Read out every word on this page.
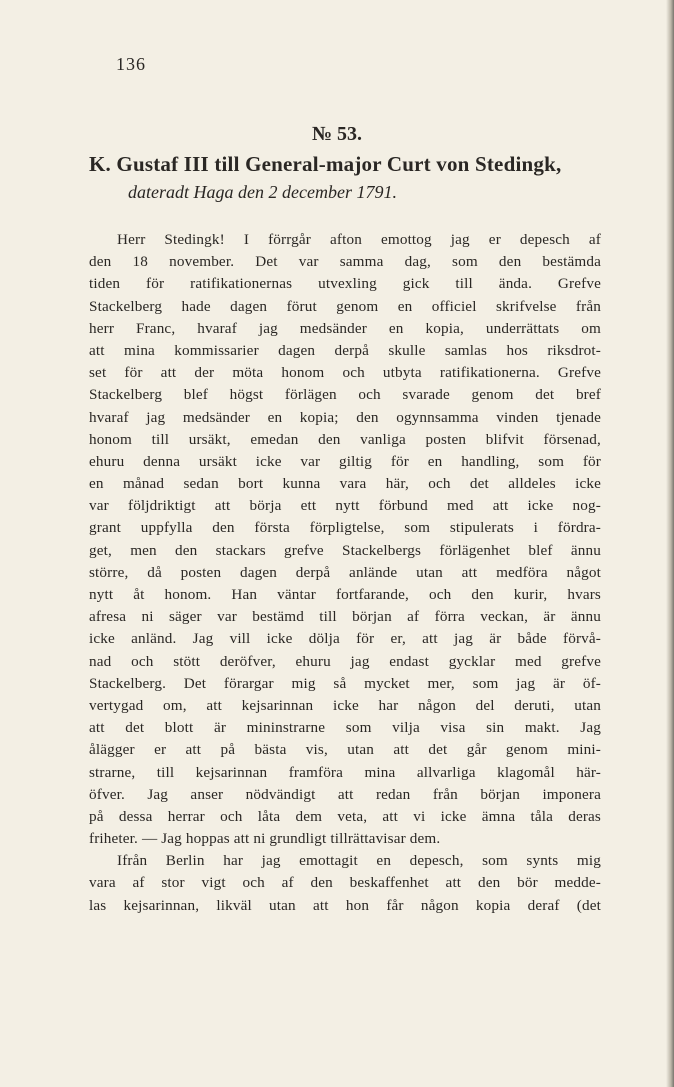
136
№ 53.
K. Gustaf III till General-major Curt von Stedingk,
dateradt Haga den 2 december 1791.
Herr Stedingk! I förrgår afton emottog jag er depesch af
den 18 november. Det var samma dag, som den bestämda
tiden för ratifikationernas utvexling gick till ända. Grefve
Stackelberg hade dagen förut genom en officiel skrifvelse från
herr Franc, hvaraf jag medsänder en kopia, underrättats om
att mina kommissarier dagen derpå skulle samlas hos riksdrot-
set för att der möta honom och utbyta ratifikationerna. Grefve
Stackelberg blef högst förlägen och svarade genom det bref
hvaraf jag medsänder en kopia; den ogynnsamma vinden tjenade
honom till ursäkt, emedan den vanliga posten blifvit försenad,
ehuru denna ursäkt icke var giltig för en handling, som för
en månad sedan bort kunna vara här, och det alldeles icke
var följdriktigt att börja ett nytt förbund med att icke nog-
grant uppfylla den första förpligtelse, som stipulerats i fördra-
get, men den stackars grefve Stackelbergs förlägenhet blef ännu
större, då posten dagen derpå anlände utan att medföra något
nytt åt honom. Han väntar fortfarande, och den kurir, hvars
afresa ni säger var bestämd till början af förra veckan, är ännu
icke anländ. Jag vill icke dölja för er, att jag är både förvå-
nad och stött deröfver, ehuru jag endast gycklar med grefve
Stackelberg. Det förargar mig så mycket mer, som jag är öf-
vertygad om, att kejsarinnan icke har någon del deruti, utan
att det blott är mininstrarne som vilja visa sin makt. Jag
ålägger er att på bästa vis, utan att det går genom mini-
strarne, till kejsarinnan framföra mina allvarliga klagomål här-
öfver. Jag anser nödvändigt att redan från början imponera
på dessa herrar och låta dem veta, att vi icke ämna tåla deras
friheter. — Jag hoppas att ni grundligt tillrättavisar dem.
Ifrån Berlin har jag emottagit en depesch, som synts mig
vara af stor vigt och af den beskaffenhet att den bör medde-
las kejsarinnan, likväl utan att hon får någon kopia deraf (det
